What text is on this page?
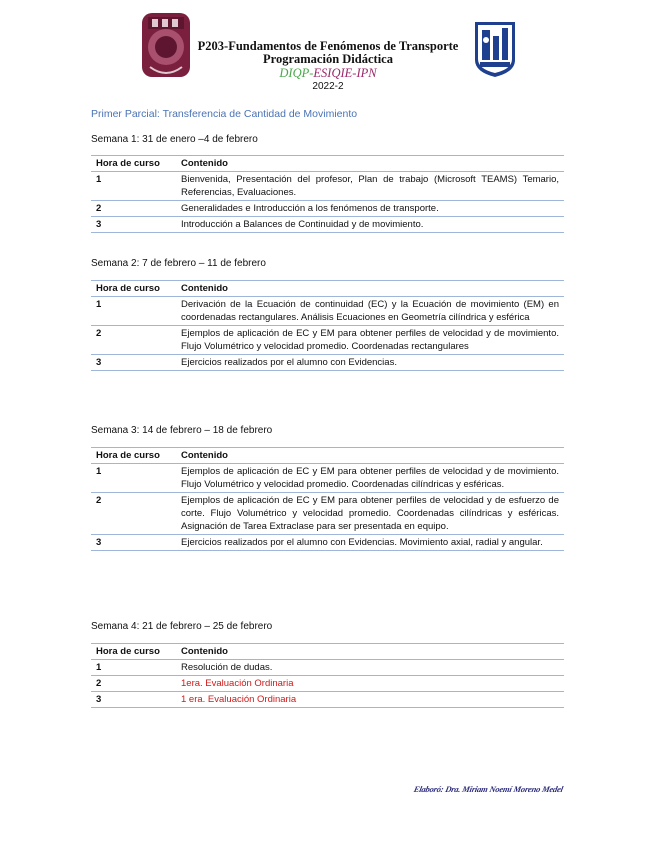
P203-Fundamentos de Fenómenos de Transporte
Programación Didáctica
DIQP-ESIQIE-IPN
2022-2
Primer Parcial: Transferencia de Cantidad de Movimiento
Semana 1: 31 de enero –4 de febrero
Hora de curso	Contenido
1	Bienvenida, Presentación del profesor, Plan de trabajo (Microsoft TEAMS) Temario, Referencias, Evaluaciones.
2	Generalidades e Introducción a los fenómenos de transporte.
3	Introducción a Balances de Continuidad y de movimiento.
Semana 2: 7 de febrero – 11 de febrero
Hora de curso	Contenido
1	Derivación de la Ecuación de continuidad (EC) y la Ecuación de movimiento (EM) en coordenadas rectangulares. Análisis Ecuaciones en Geometría cilíndrica y esférica
2	Ejemplos de aplicación de EC y EM para obtener perfiles de velocidad y de movimiento. Flujo Volumétrico y velocidad promedio. Coordenadas rectangulares
3	Ejercicios realizados por el alumno con Evidencias.
Semana 3: 14 de febrero – 18 de febrero
Hora de curso	Contenido
1	Ejemplos de aplicación de EC y EM para obtener perfiles de velocidad y de movimiento. Flujo Volumétrico y velocidad promedio. Coordenadas cilíndricas y esféricas.
2	Ejemplos de aplicación de EC y EM para obtener perfiles de velocidad y de esfuerzo de corte. Flujo Volumétrico y velocidad promedio. Coordenadas cilíndricas y esféricas. Asignación de Tarea Extraclase para ser presentada en equipo.
3	Ejercicios realizados por el alumno con Evidencias. Movimiento axial, radial y angular.
Semana 4: 21 de febrero – 25 de febrero
Hora de curso	Contenido
1	Resolución de dudas.
2	1era. Evaluación Ordinaria
3	1 era. Evaluación Ordinaria
Elaboró: Dra. Miriam Noemí Moreno Medel
